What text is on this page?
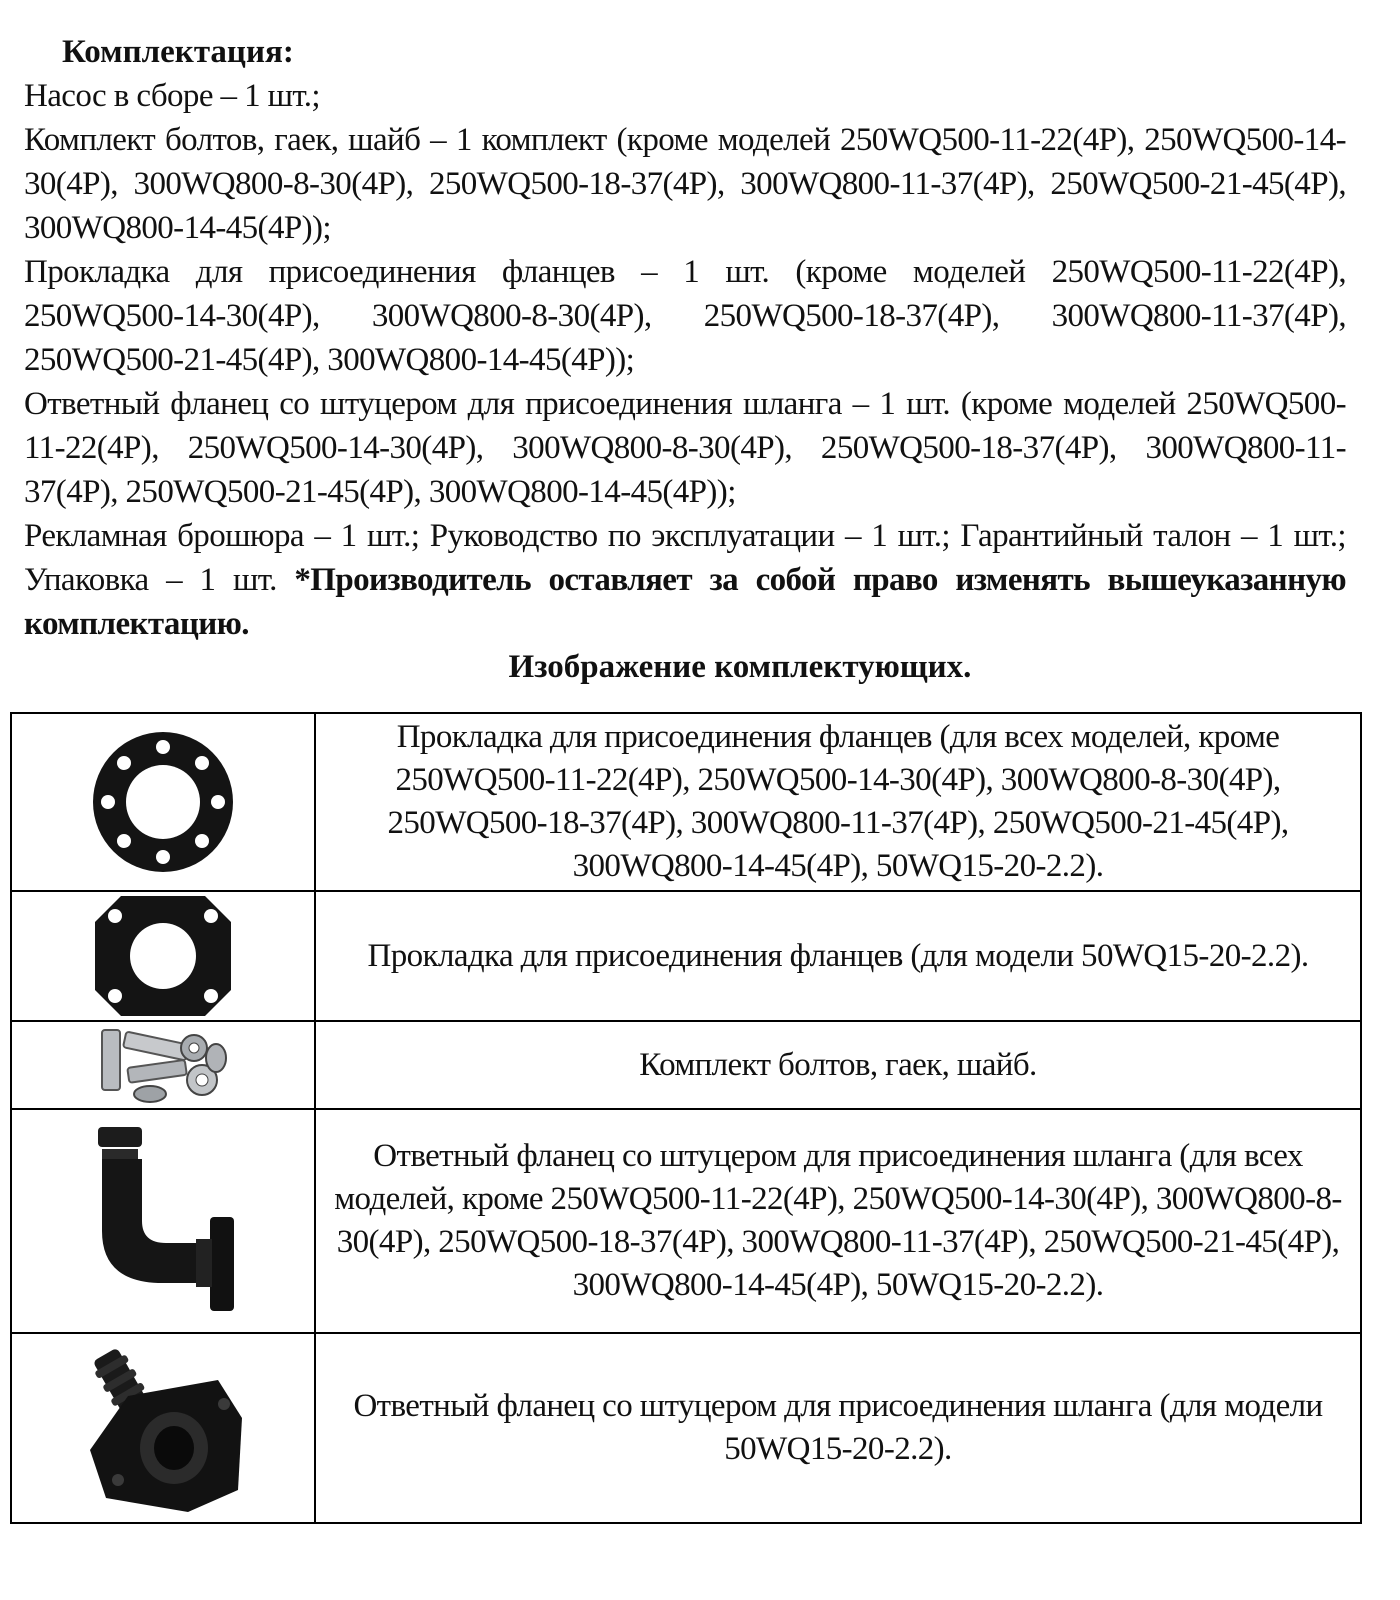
Комплектация:

Насос в сборе – 1 шт.;

Комплект болтов, гаек, шайб – 1 комплект (кроме моделей 250WQ500-11-22(4P), 250WQ500-14-30(4P), 300WQ800-8-30(4P), 250WQ500-18-37(4P), 300WQ800-11-37(4P), 250WQ500-21-45(4P), 300WQ800-14-45(4P));

Прокладка для присоединения фланцев – 1 шт. (кроме моделей 250WQ500-11-22(4P), 250WQ500-14-30(4P), 300WQ800-8-30(4P), 250WQ500-18-37(4P), 300WQ800-11-37(4P), 250WQ500-21-45(4P), 300WQ800-14-45(4P));

Ответный фланец со штуцером для присоединения шланга – 1 шт. (кроме моделей 250WQ500-11-22(4P), 250WQ500-14-30(4P), 300WQ800-8-30(4P), 250WQ500-18-37(4P), 300WQ800-11-37(4P), 250WQ500-21-45(4P), 300WQ800-14-45(4P));

Рекламная брошюра – 1 шт.; Руководство по эксплуатации – 1 шт.; Гарантийный талон – 1 шт.; Упаковка – 1 шт. *Производитель оставляет за собой право изменять вышеуказанную комплектацию.

Изображение комплектующих.

	Прокладка для присоединения фланцев (для всех моделей, кроме 250WQ500-11-22(4P), 250WQ500-14-30(4P), 300WQ800-8-30(4P), 250WQ500-18-37(4P), 300WQ800-11-37(4P), 250WQ500-21-45(4P), 300WQ800-14-45(4P), 50WQ15-20-2.2).

	Прокладка для присоединения фланцев (для модели 50WQ15-20-2.2).

	Комплект болтов, гаек, шайб.

	Ответный фланец со штуцером для присоединения шланга (для всех моделей, кроме 250WQ500-11-22(4P), 250WQ500-14-30(4P), 300WQ800-8-30(4P), 250WQ500-18-37(4P), 300WQ800-11-37(4P), 250WQ500-21-45(4P), 300WQ800-14-45(4P), 50WQ15-20-2.2).

	Ответный фланец со штуцером для присоединения шланга (для модели 50WQ15-20-2.2).
